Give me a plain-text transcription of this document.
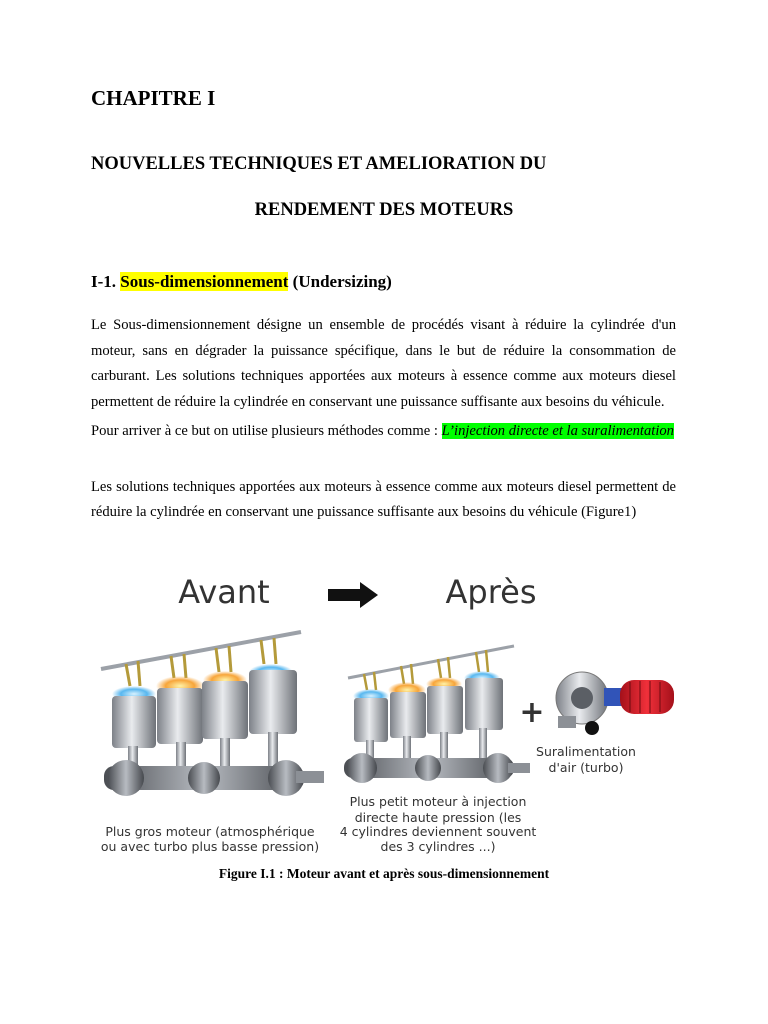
CHAPITRE I
NOUVELLES TECHNIQUES ET AMELIORATION DU
RENDEMENT DES MOTEURS
I-1. Sous-dimensionnement (Undersizing)

Le Sous-dimensionnement désigne un ensemble de procédés visant à réduire la cylindrée d'un moteur, sans en dégrader la puissance spécifique, dans le but de réduire la consommation de carburant. Les solutions techniques apportées aux moteurs à essence comme aux moteurs diesel permettent de réduire la cylindrée en conservant une puissance suffisante aux besoins du véhicule.

Pour arriver à ce but on utilise plusieurs méthodes comme : L’injection directe et la suralimentation

Les solutions techniques apportées aux moteurs à essence comme aux moteurs diesel permettent de réduire la cylindrée en conservant une puissance suffisante aux besoins du véhicule (Figure1)

Avant	Après
+
Suralimentation
d'air (turbo)
Plus petit moteur à injection
directe haute pression (les
4 cylindres deviennent souvent
des 3 cylindres ...)
Plus gros moteur (atmosphérique
ou avec turbo plus basse pression)

Figure I.1 : Moteur avant et après sous-dimensionnement
